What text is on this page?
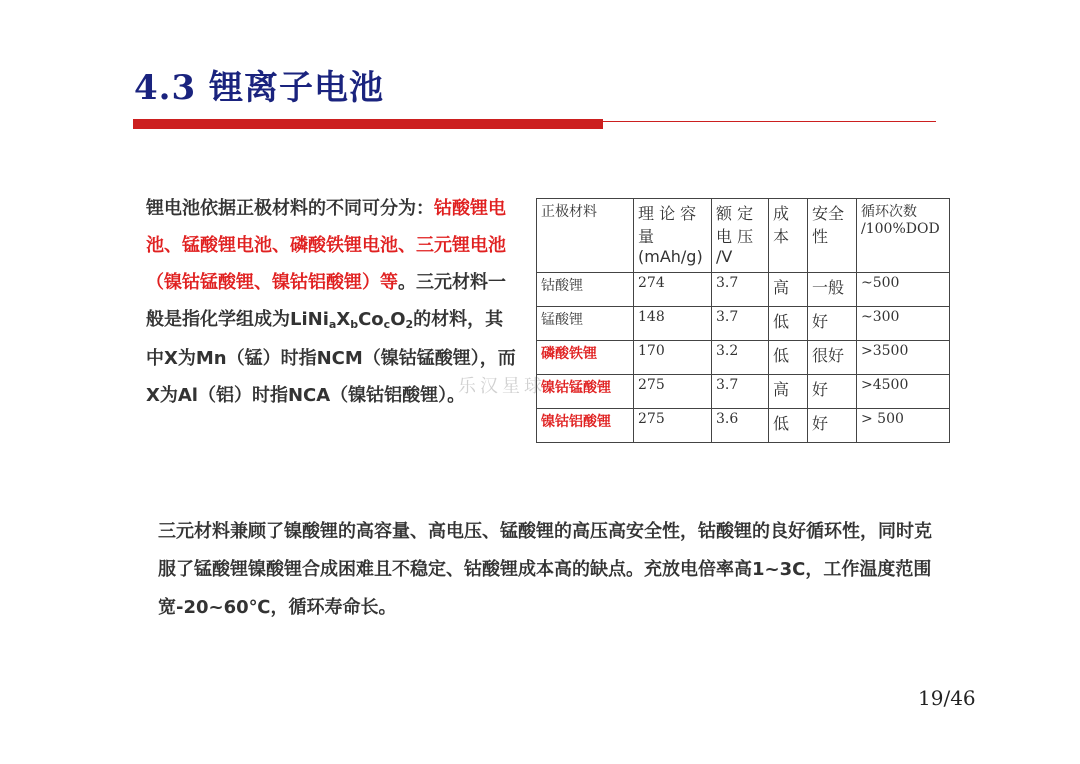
4.3 锂离子电池
锂电池依据正极材料的不同可分为：钴酸锂电池、锰酸锂电池、磷酸铁锂电池、三元锂电池（镍钴锰酸锂、镍钴铝酸锂）等。三元材料一般是指化学组成为$LiNi_aX_bCo_cO_2$的材料，其中X为Mn（锰）时指NCM（镍钴锰酸锂），而X为Al（铝）时指NCA（镍钴铝酸锂）。
乐汉星球
正极材料	理 论 容 量 (mAh/g)	额 定 电 压 /V	成本	安全性	循环次数 /100%DOD
钴酸锂	274	3.7	高	一般	~500
锰酸锂	148	3.7	低	好	~300
磷酸铁锂	170	3.2	低	很好	>3500
镍钴锰酸锂	275	3.7	高	好	>4500
镍钴铝酸锂	275	3.6	低	好	> 500
三元材料兼顾了镍酸锂的高容量、高电压、锰酸锂的高压高安全性，钴酸锂的良好循环性，同时克服了锰酸锂镍酸锂合成困难且不稳定、钴酸锂成本高的缺点。充放电倍率高1~3C，工作温度范围宽-20~60℃，循环寿命长。
19/46
